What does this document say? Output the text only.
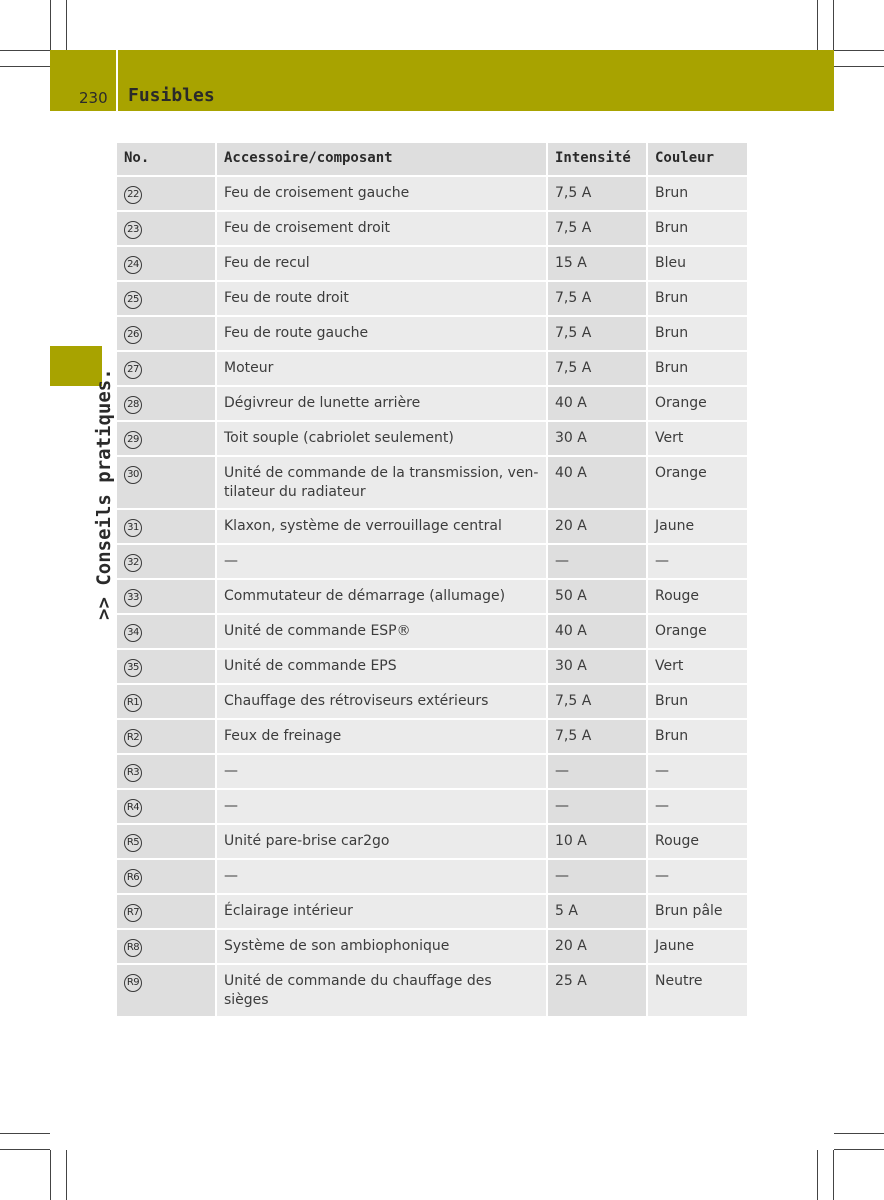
230 Fusibles
>> Conseils pratiques.
No.	Accessoire/composant	Intensité	Couleur
22	Feu de croisement gauche	7,5 A	Brun
23	Feu de croisement droit	7,5 A	Brun
24	Feu de recul	15 A	Bleu
25	Feu de route droit	7,5 A	Brun
26	Feu de route gauche	7,5 A	Brun
27	Moteur	7,5 A	Brun
28	Dégivreur de lunette arrière	40 A	Orange
29	Toit souple (cabriolet seulement)	30 A	Vert
30	Unité de commande de la transmission, ven-tilateur du radiateur	40 A	Orange
31	Klaxon, système de verrouillage central	20 A	Jaune
32	—	—	—
33	Commutateur de démarrage (allumage)	50 A	Rouge
34	Unité de commande ESP®	40 A	Orange
35	Unité de commande EPS	30 A	Vert
R1	Chauffage des rétroviseurs extérieurs	7,5 A	Brun
R2	Feux de freinage	7,5 A	Brun
R3	—	—	—
R4	—	—	—
R5	Unité pare-brise car2go	10 A	Rouge
R6	—	—	—
R7	Éclairage intérieur	5 A	Brun pâle
R8	Système de son ambiophonique	20 A	Jaune
R9	Unité de commande du chauffage des sièges	25 A	Neutre
